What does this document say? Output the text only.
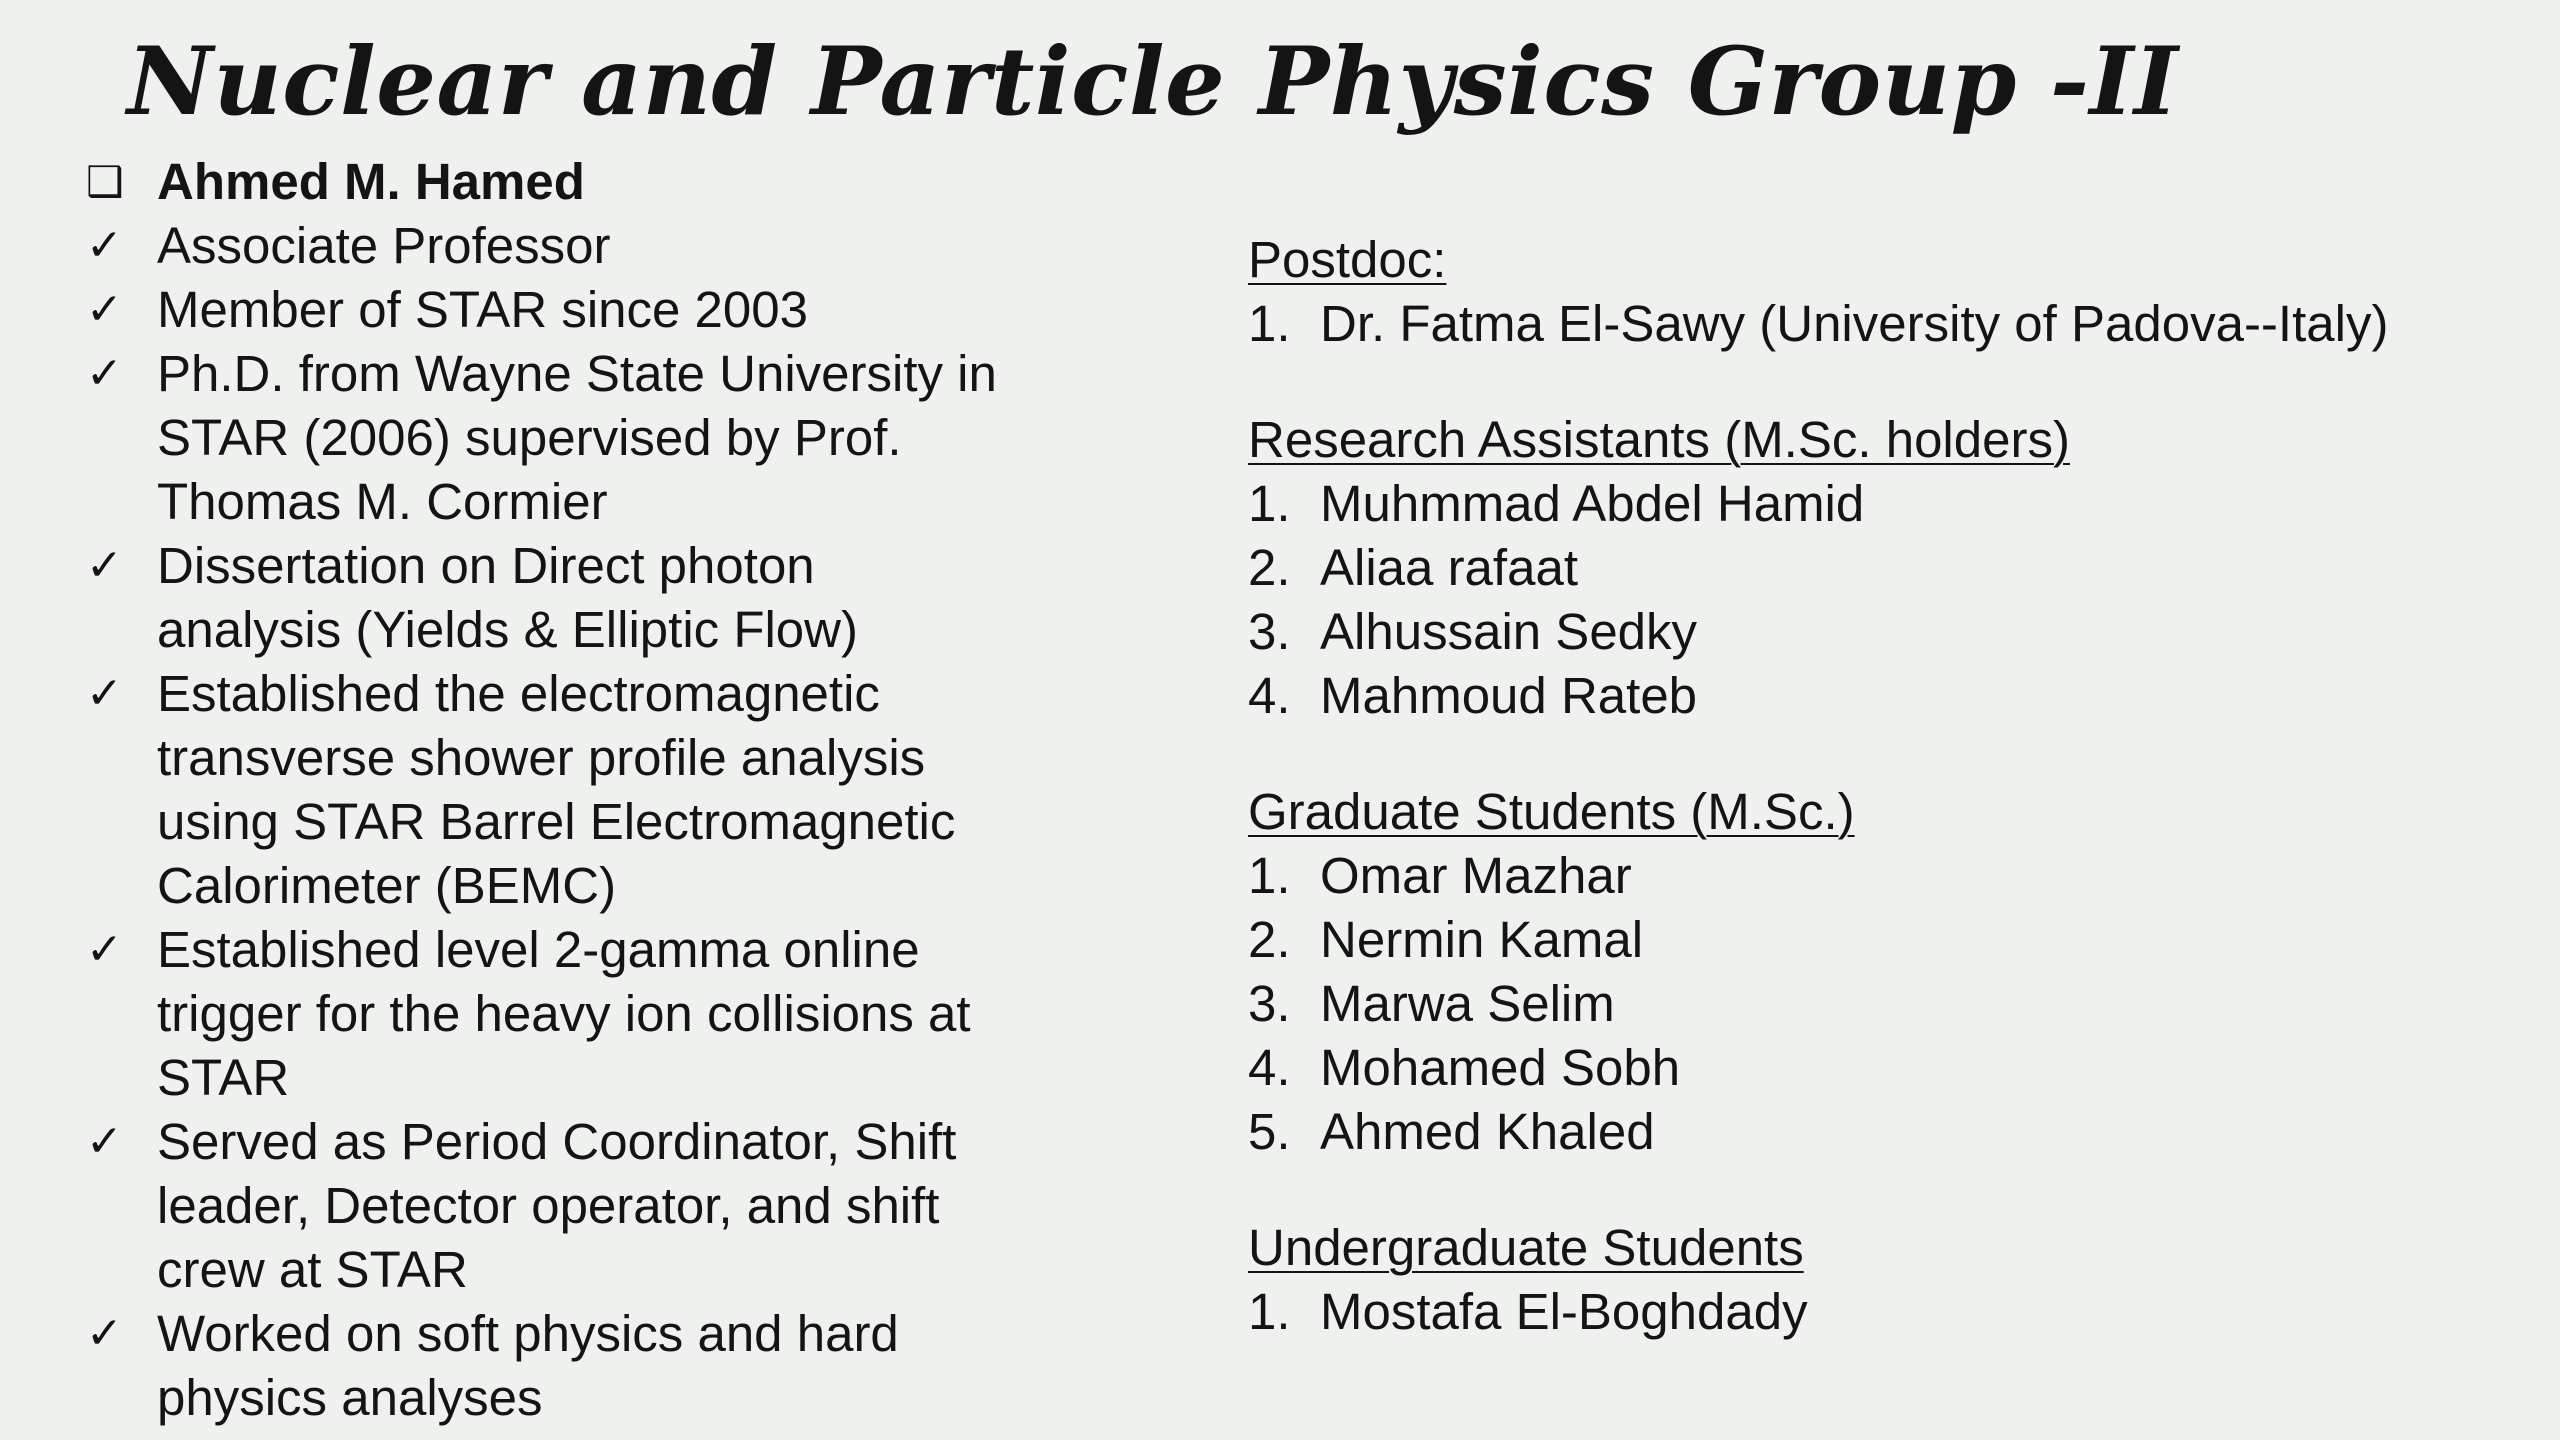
Nuclear and Particle Physics Group -II
❑ Ahmed M. Hamed
✓ Associate Professor
✓ Member of STAR since 2003
✓ Ph.D. from Wayne State University in
STAR (2006) supervised by Prof.
Thomas M. Cormier
✓ Dissertation on Direct photon
analysis (Yields & Elliptic Flow)
✓ Established the electromagnetic
transverse shower profile analysis
using STAR Barrel Electromagnetic
Calorimeter (BEMC)
✓ Established level 2-gamma online
trigger for the heavy ion collisions at
STAR
✓ Served as Period Coordinator, Shift
leader, Detector operator, and shift
crew at STAR
✓ Worked on soft physics and hard
physics analyses
Postdoc:
1. Dr. Fatma El-Sawy (University of Padova--Italy)
Research Assistants (M.Sc. holders)
1. Muhmmad Abdel Hamid
2. Aliaa rafaat
3. Alhussain Sedky
4. Mahmoud Rateb
Graduate Students (M.Sc.)
1. Omar Mazhar
2. Nermin Kamal
3. Marwa Selim
4. Mohamed Sobh
5. Ahmed Khaled
Undergraduate Students
1. Mostafa El-Boghdady
